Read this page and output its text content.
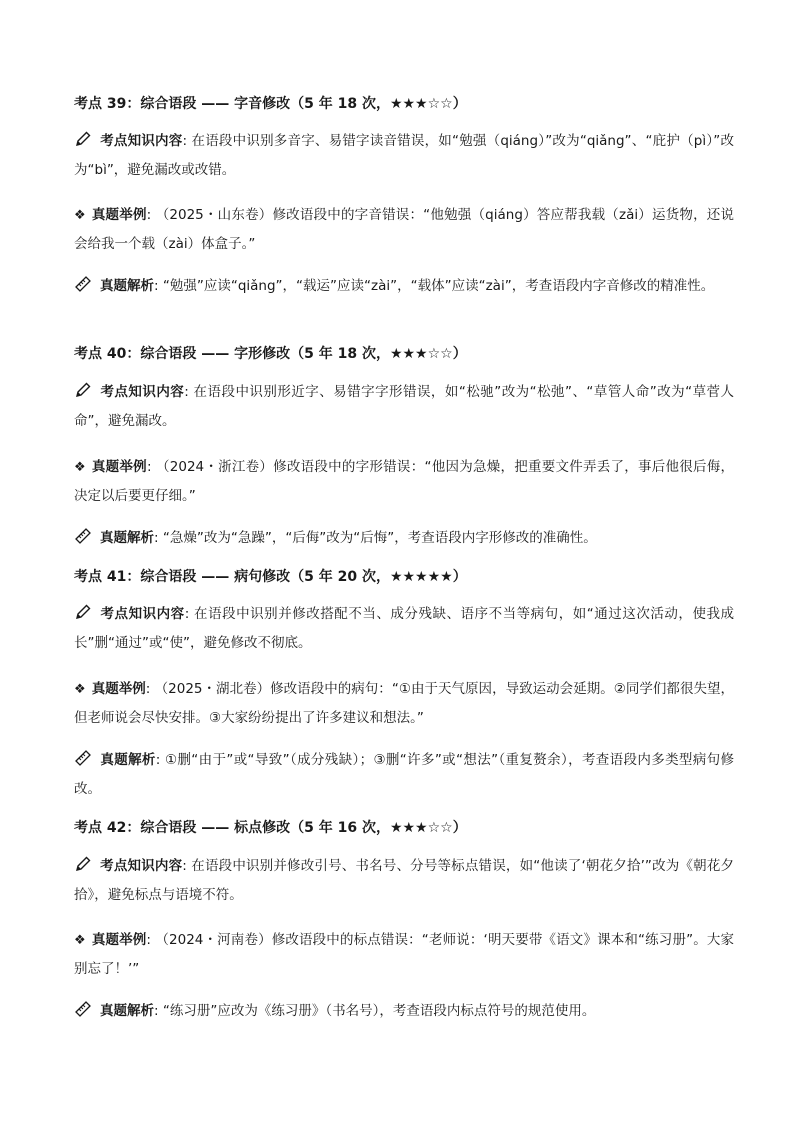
考点 39：综合语段 —— 字音修改（5 年 18 次，★★★☆☆）
考点知识内容: 在语段中识别多音字、易错字读音错误，如“勉强（qiáng）”改为“qiǎng”、“庇护（pì）”改为“bì”，避免漏改或改错。
❖ 真题举例: （2025・山东卷）修改语段中的字音错误：“他勉强（qiáng）答应帮我载（zǎi）运货物，还说会给我一个载（zài）体盒子。”
真题解析: “勉强”应读“qiǎng”，“载运”应读“zài”，“载体”应读“zài”，考查语段内字音修改的精准性。
考点 40：综合语段 —— 字形修改（5 年 18 次，★★★☆☆）
考点知识内容: 在语段中识别形近字、易错字字形错误，如“松驰”改为“松弛”、“草管人命”改为“草菅人命”，避免漏改。
❖ 真题举例: （2024・浙江卷）修改语段中的字形错误：“他因为急燥，把重要文件弄丢了，事后他很后侮，决定以后要更仔细。”
真题解析: “急燥”改为“急躁”，“后侮”改为“后悔”，考查语段内字形修改的准确性。
考点 41：综合语段 —— 病句修改（5 年 20 次，★★★★★）
考点知识内容: 在语段中识别并修改搭配不当、成分残缺、语序不当等病句，如“通过这次活动，使我成长”删“通过”或“使”，避免修改不彻底。
❖ 真题举例: （2025・湖北卷）修改语段中的病句：“①由于天气原因，导致运动会延期。②同学们都很失望，但老师说会尽快安排。③大家纷纷提出了许多建议和想法。”
真题解析: ①删“由于”或“导致”（成分残缺）；③删“许多”或“想法”（重复赘余），考查语段内多类型病句修改。
考点 42：综合语段 —— 标点修改（5 年 16 次，★★★☆☆）
考点知识内容: 在语段中识别并修改引号、书名号、分号等标点错误，如“他读了‘朝花夕拾’”改为《朝花夕拾》，避免标点与语境不符。
❖ 真题举例: （2024・河南卷）修改语段中的标点错误：“老师说：‘明天要带《语文》课本和“练习册”。大家别忘了！’”
真题解析: “练习册”应改为《练习册》（书名号），考查语段内标点符号的规范使用。
